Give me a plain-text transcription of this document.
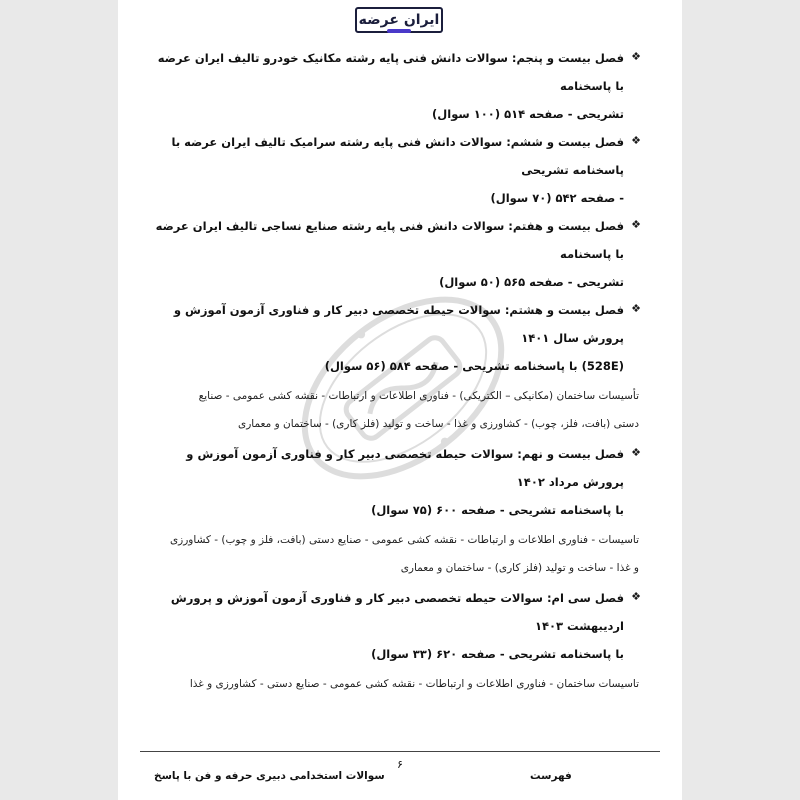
ایران عرضه
❖
فصل بیست و پنجم: سوالات دانش فنی پایه رشته مکانیک خودرو تالیف ایران عرضه با پاسخنامه
تشریحی - صفحه ۵۱۴ (۱۰۰ سوال)
❖
فصل بیست و ششم: سوالات دانش فنی پایه رشته سرامیک تالیف ایران عرضه با پاسخنامه تشریحی
- صفحه ۵۴۲ (۷۰ سوال)
❖
فصل بیست و هفتم: سوالات دانش فنی پایه رشته صنایع نساجی تالیف ایران عرضه با پاسخنامه
تشریحی - صفحه ۵۶۵ (۵۰ سوال)
❖
فصل بیست و هشتم: سوالات حیطه تخصصی دبیر کار و فناوری آزمون آموزش و پرورش سال ۱۴۰۱
(528E) با پاسخنامه تشریحی - صفحه ۵۸۴ (۵۶ سوال)
تأسیسات ساختمان (مکانیکی – الکتریکی) - فناوری اطلاعات و ارتباطات - نقشه کشی عمومی - صنایع
دستی (بافت، فلز، چوب) - کشاورزی و غذا - ساخت و تولید (فلز کاری) - ساختمان و معماری
❖
فصل بیست و نهم: سوالات حیطه تخصصی دبیر کار و فناوری آزمون آموزش و پرورش مرداد ۱۴۰۲
با پاسخنامه تشریحی - صفحه ۶۰۰ (۷۵ سوال)
تاسیسات - فناوری اطلاعات و ارتباطات - نقشه کشی عمومی - صنایع دستی (بافت، فلز و چوب) - کشاورزی
و غذا - ساخت و تولید (فلز کاری) - ساختمان و معماری
❖
فصل سی ام: سوالات حیطه تخصصی دبیر کار و فناوری آزمون آموزش و پرورش اردیبهشت ۱۴۰۳
با پاسخنامه تشریحی - صفحه ۶۲۰ (۳۳ سوال)
تاسیسات ساختمان - فناوری اطلاعات و ارتباطات - نقشه کشی عمومی - صنایع دستی - کشاورزی و غذا
۶
سوالات استخدامی دبیری حرفه و فن با پاسخ	فهرست
